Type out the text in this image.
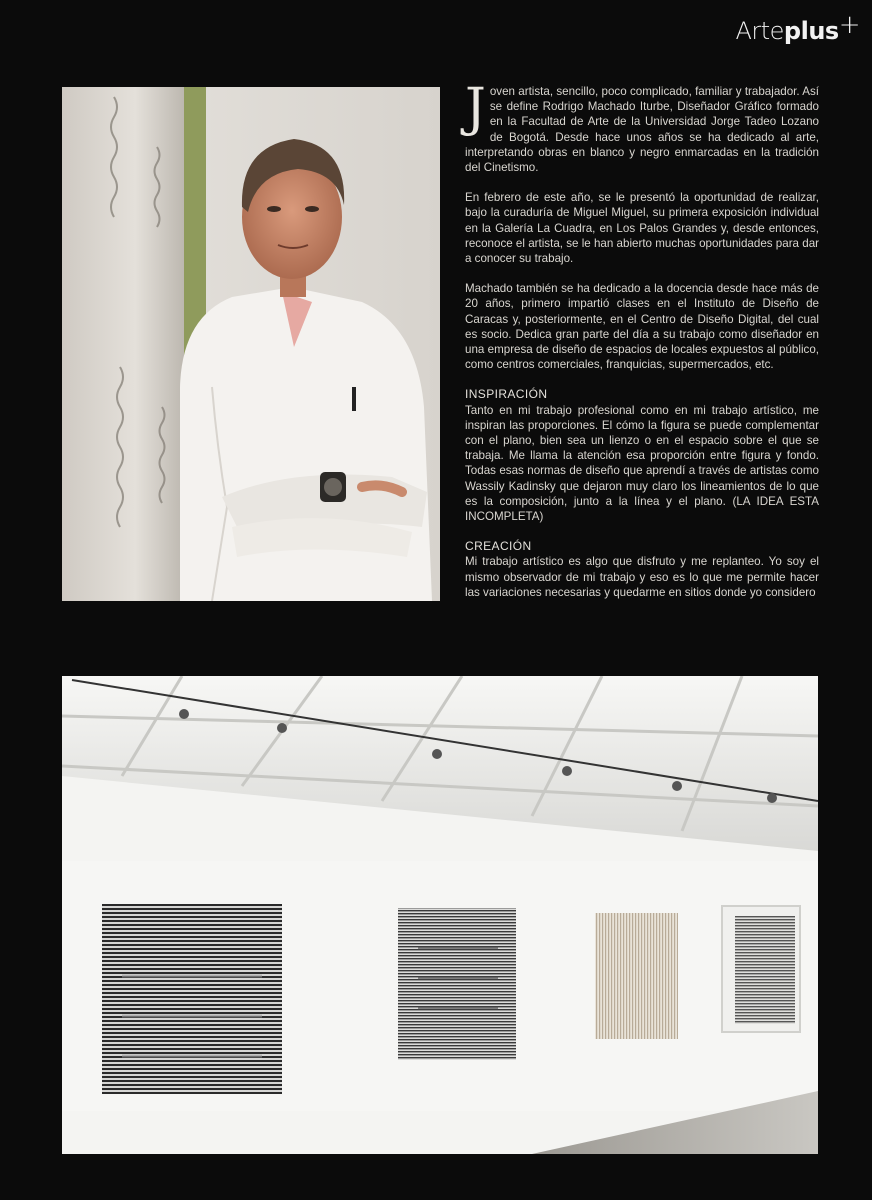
Arteplus+

Joven artista, sencillo, poco complicado, familiar y trabajador. Así se define Rodrigo Machado Iturbe, Diseñador Gráfico formado en la Facultad de Arte de la Universidad Jorge Tadeo Lozano de Bogotá. Desde hace unos años se ha dedicado al arte, interpretando obras en blanco y negro enmarcadas en la tradición del Cinetismo.

En febrero de este año, se le presentó la oportunidad de realizar, bajo la curaduría de Miguel Miguel, su primera exposición individual en la Galería La Cuadra, en Los Palos Grandes y, desde entonces, reconoce el artista, se le han abierto muchas oportunidades para dar a conocer su trabajo.

Machado también se ha dedicado a la docencia desde hace más de 20 años, primero impartió clases en el Instituto de Diseño de Caracas y, posteriormente, en el Centro de Diseño Digital, del cual es socio. Dedica gran parte del día a su trabajo como diseñador en una empresa de diseño de espacios de locales expuestos al público, como centros comerciales, franquicias, supermercados, etc.

INSPIRACIÓN

Tanto en mi trabajo profesional como en mi trabajo artístico, me inspiran las proporciones. El cómo la figura se puede complementar con el plano, bien sea un lienzo o en el espacio sobre el que se trabaja. Me llama la atención esa proporción entre figura y fondo. Todas esas normas de diseño que aprendí a través de artistas como Wassily Kadinsky que dejaron muy claro los lineamientos de lo que es la composición, junto a la línea y el plano. (LA IDEA ESTA INCOMPLETA)

CREACIÓN

Mi trabajo artístico es algo que disfruto y me replanteo. Yo soy el mismo observador de mi trabajo y eso es lo que me permite hacer las variaciones necesarias y quedarme en sitios donde yo considero
